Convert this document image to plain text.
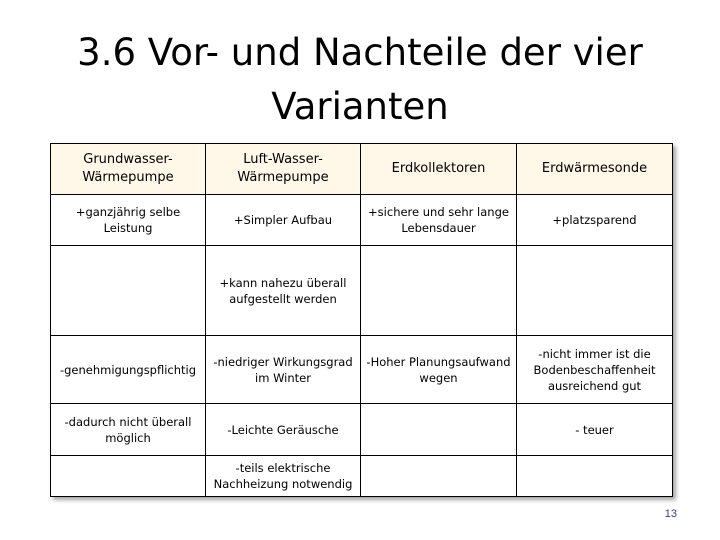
3.6 Vor- und Nachteile der vier Varianten
Grundwasser-Wärmepumpe	Luft-Wasser-Wärmepumpe	Erdkollektoren	Erdwärmesonde
+ganzjährig selbe Leistung	+Simpler Aufbau	+sichere und sehr lange Lebensdauer	+platzsparend
	+kann nahezu überall aufgestellt werden		
-genehmigungspflichtig	-niedriger Wirkungsgrad im Winter	-Hoher Planungsaufwand wegen	-nicht immer ist die Bodenbeschaffenheit ausreichend gut
-dadurch nicht überall möglich	-Leichte Geräusche		- teuer
	-teils elektrische Nachheizung notwendig		
13
